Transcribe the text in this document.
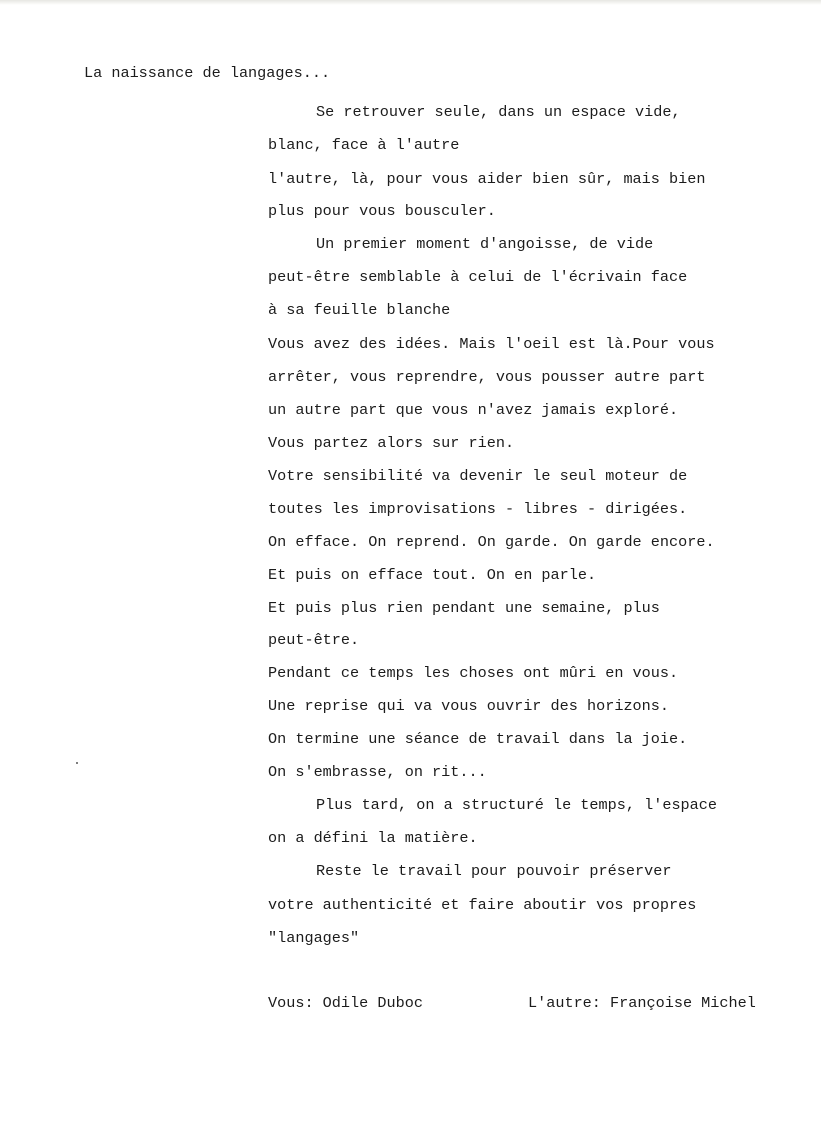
La naissance de langages...

Se retrouver seule, dans un espace vide,

blanc, face à l'autre

l'autre, là, pour vous aider bien sûr, mais bien

plus pour vous bousculer.

Un premier moment d'angoisse, de vide

peut-être semblable à celui de l'écrivain face

à sa feuille blanche

Vous avez des idées. Mais l'oeil est là.Pour vous

arrêter, vous reprendre, vous pousser autre part

un autre part que vous n'avez jamais exploré.

Vous partez alors sur rien.

Votre sensibilité va devenir le seul moteur de

toutes les improvisations - libres - dirigées.

On efface. On reprend. On garde. On garde encore.

Et puis on efface tout. On en parle.

Et puis plus rien pendant une semaine, plus

peut-être.

Pendant ce temps les choses ont mûri en vous.

Une reprise qui va vous ouvrir des horizons.

On termine une séance de travail dans la joie.

On s'embrasse, on rit...

Plus tard, on a structuré le temps, l'espace

on a défini la matière.

Reste le travail pour pouvoir préserver

votre authenticité et faire aboutir vos propres

"langages"

Vous: Odile Duboc	L'autre: Françoise Michel
